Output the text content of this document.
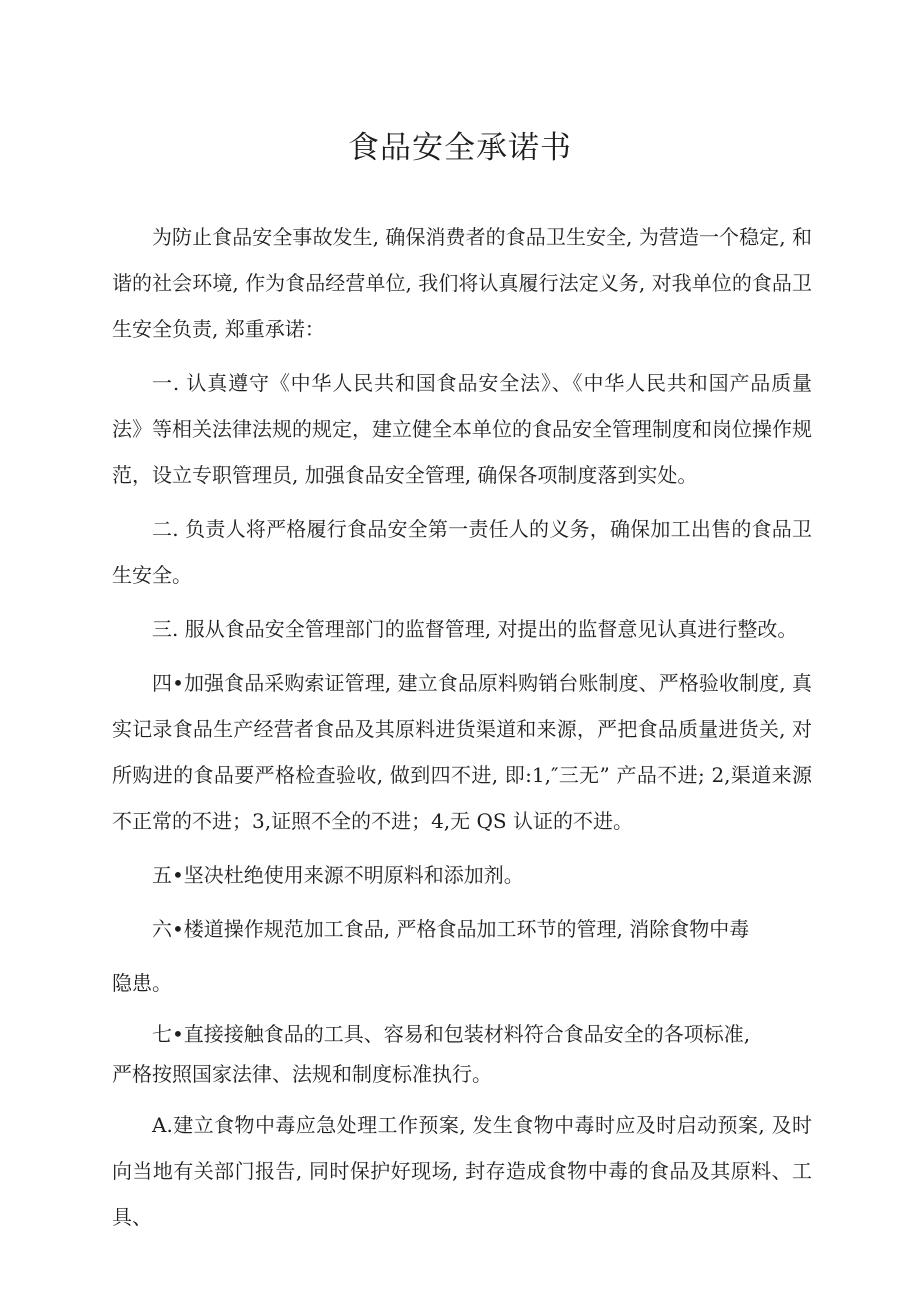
食品安全承诺书

为防止食品安全事故发生, 确保消费者的食品卫生安全, 为营造一个稳定, 和谐的社会环境, 作为食品经营单位, 我们将认真履行法定义务, 对我单位的食品卫生安全负责, 郑重承诺：

一. 认真遵守《中华人民共和国食品安全法》、《中华人民共和国产品质量法》等相关法律法规的规定，建立健全本单位的食品安全管理制度和岗位操作规范，设立专职管理员, 加强食品安全管理, 确保各项制度落到实处。

二. 负责人将严格履行食品安全第一责任人的义务，确保加工出售的食品卫生安全。

三. 服从食品安全管理部门的监督管理, 对提出的监督意见认真进行整改。

四•加强食品采购索证管理, 建立食品原料购销台账制度、严格验收制度, 真实记录食品生产经营者食品及其原料进货渠道和来源，严把食品质量进货关, 对所购进的食品要严格检查验收, 做到四不进, 即:1,″三无” 产品不进; 2,渠道来源不正常的不进；3,证照不全的不进；4,无 QS 认证的不进。

五•坚决杜绝使用来源不明原料和添加剂。

六•楼道操作规范加工食品, 严格食品加工环节的管理, 消除食物中毒

隐患。

七•直接接触食品的工具、容易和包装材料符合食品安全的各项标准,

严格按照国家法律、法规和制度标准执行。

A.建立食物中毒应急处理工作预案, 发生食物中毒时应及时启动预案, 及时向当地有关部门报告, 同时保护好现场, 封存造成食物中毒的食品及其原料、工具、
